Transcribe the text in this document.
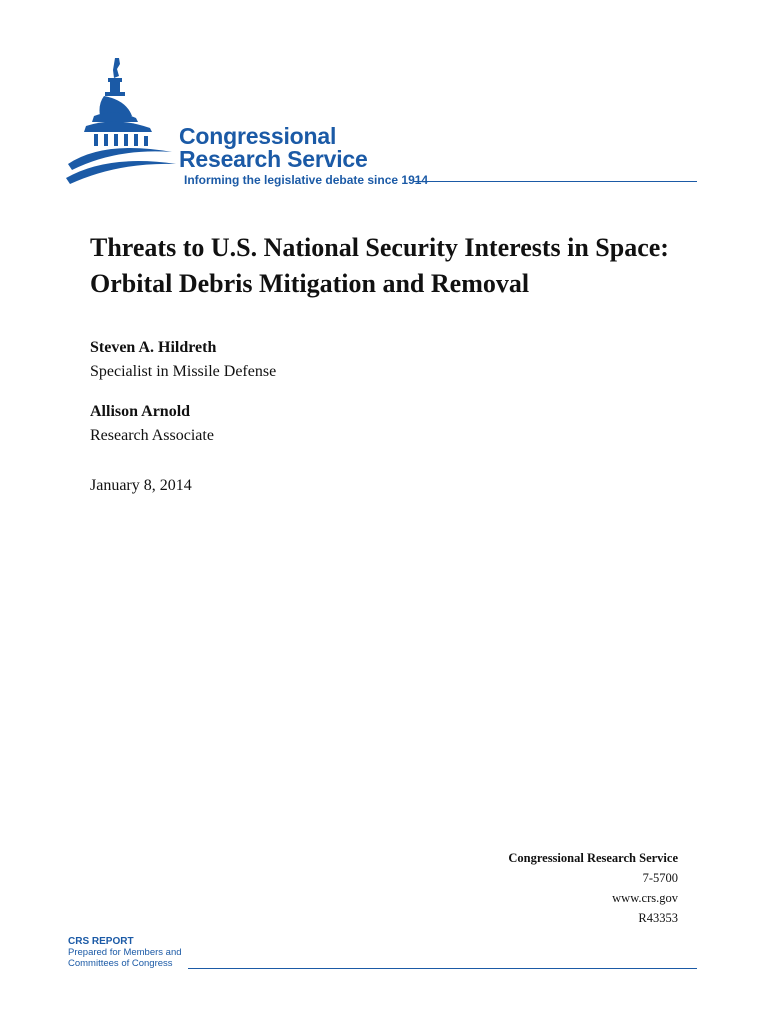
Congressional
Research Service
Informing the legislative debate since 1914
Threats to U.S. National Security Interests in Space: Orbital Debris Mitigation and Removal
Steven A. Hildreth
Specialist in Missile Defense
Allison Arnold
Research Associate
January 8, 2014
Congressional Research Service
7-5700
www.crs.gov
R43353
CRS REPORT
Prepared for Members and
Committees of Congress
